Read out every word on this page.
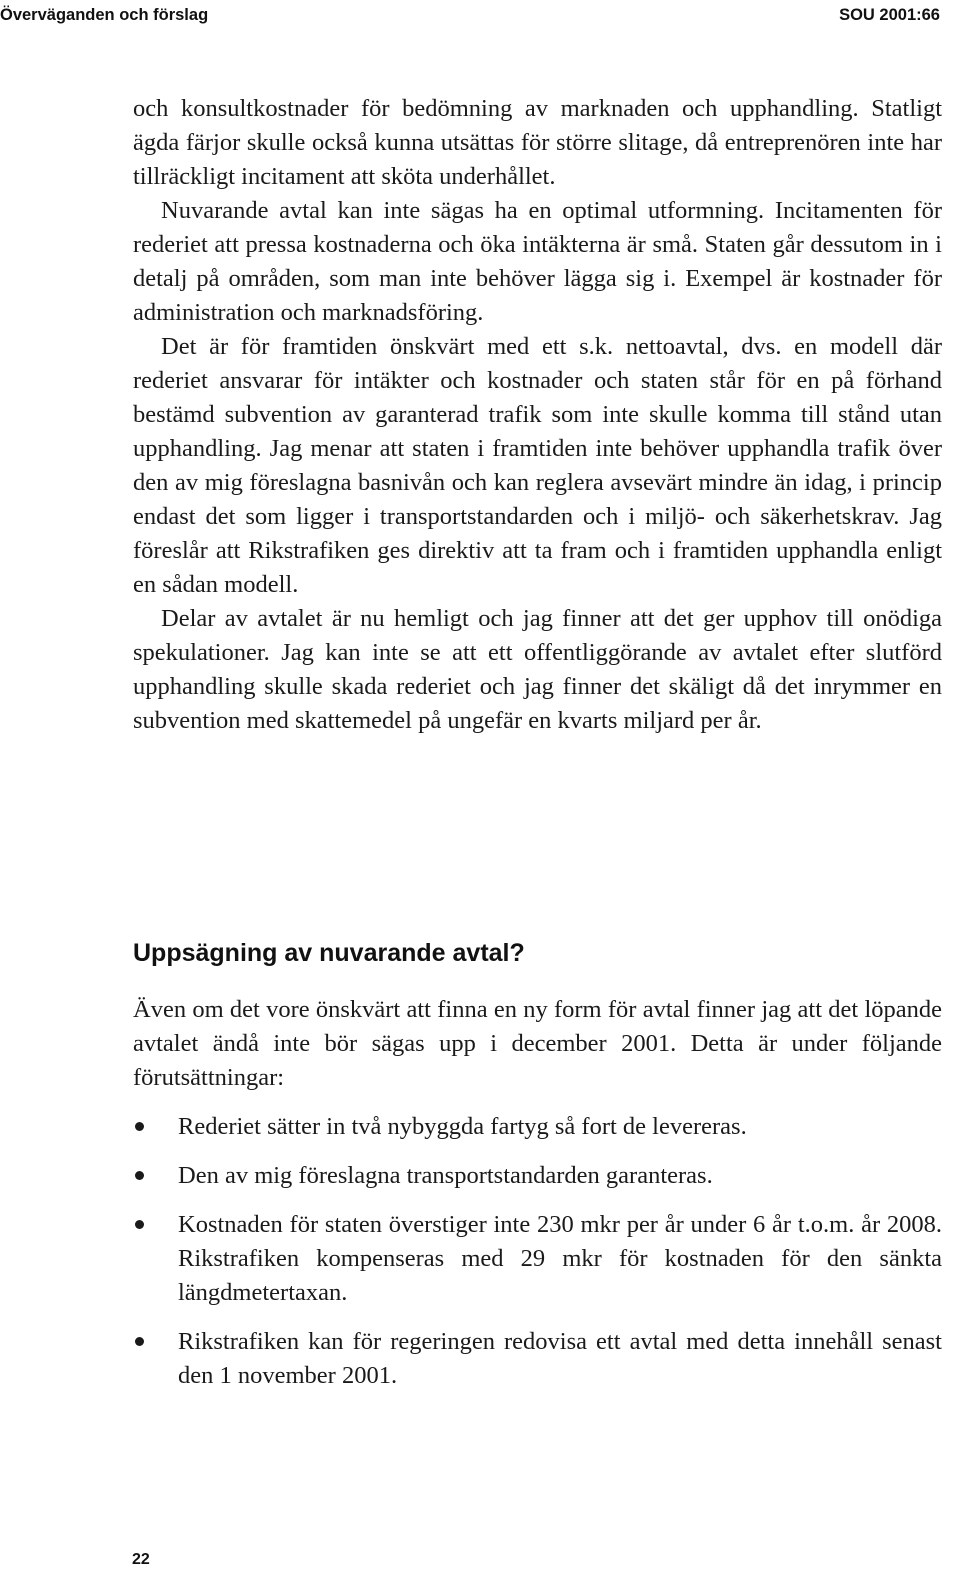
Överväganden och förslag	SOU 2001:66

och konsultkostnader för bedömning av marknaden och upphandling. Statligt ägda färjor skulle också kunna utsättas för större slitage, då entreprenören inte har tillräckligt incitament att sköta underhållet.

Nuvarande avtal kan inte sägas ha en optimal utformning. Incitamenten för rederiet att pressa kostnaderna och öka intäkterna är små. Staten går dessutom in i detalj på områden, som man inte behöver lägga sig i. Exempel är kostnader för administration och marknadsföring.

Det är för framtiden önskvärt med ett s.k. nettoavtal, dvs. en modell där rederiet ansvarar för intäkter och kostnader och staten står för en på förhand bestämd subvention av garanterad trafik som inte skulle komma till stånd utan upphandling. Jag menar att staten i framtiden inte behöver upphandla trafik över den av mig föreslagna basnivån och kan reglera avsevärt mindre än idag, i princip endast det som ligger i transportstandarden och i miljö- och säkerhetskrav. Jag föreslår att Rikstrafiken ges direktiv att ta fram och i framtiden upphandla enligt en sådan modell.

Delar av avtalet är nu hemligt och jag finner att det ger upphov till onödiga spekulationer. Jag kan inte se att ett offentliggörande av avtalet efter slutförd upphandling skulle skada rederiet och jag finner det skäligt då det inrymmer en subvention med skattemedel på ungefär en kvarts miljard per år.

Uppsägning av nuvarande avtal?

Även om det vore önskvärt att finna en ny form för avtal finner jag att det löpande avtalet ändå inte bör sägas upp i december 2001. Detta är under följande förutsättningar:

Rederiet sätter in två nybyggda fartyg så fort de levereras.
Den av mig föreslagna transportstandarden garanteras.
Kostnaden för staten överstiger inte 230 mkr per år under 6 år t.o.m. år 2008. Rikstrafiken kompenseras med 29 mkr för kostnaden för den sänkta längdmetertaxan.
Rikstrafiken kan för regeringen redovisa ett avtal med detta innehåll senast den 1 november 2001.
22
